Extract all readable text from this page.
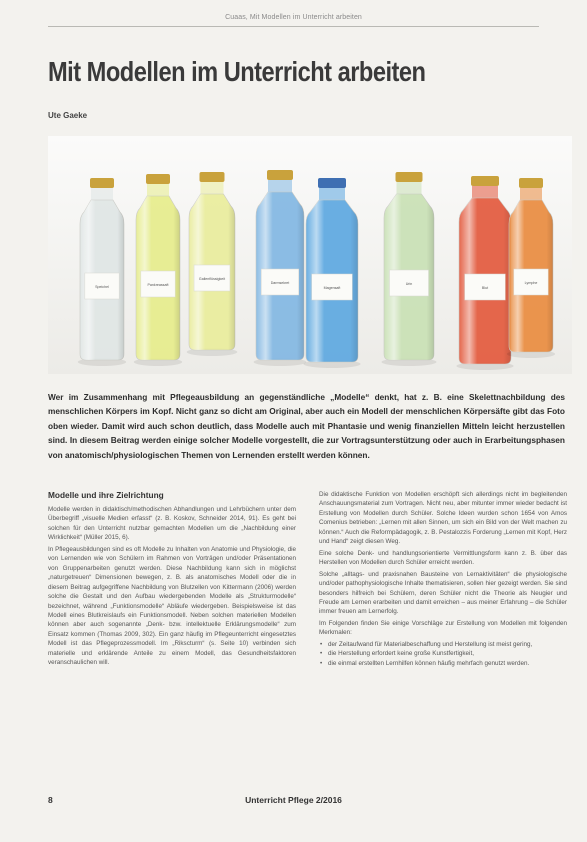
Cuaas, Mit Modellen im Unterricht arbeiten
Mit Modellen im Unterricht arbeiten
Ute Gaeke
Speichel	Pankreassaft
Gallenflüssigkeit
Darmsekret
Magensaft
Urin
Blut
Lymphe
Wer im Zusammenhang mit Pflegeausbildung an gegenständliche „Modelle“ denkt, hat z. B. eine Skelettnachbildung des menschlichen Körpers im Kopf. Nicht ganz so dicht am Original, aber auch ein Modell der menschlichen Körpersäfte gibt das Foto oben wieder. Damit wird auch schon deutlich, dass Modelle auch mit Phantasie und wenig finanziellen Mitteln leicht herzustellen sind. In diesem Beitrag werden einige solcher Modelle vorgestellt, die zur Vortragsunterstützung oder auch in Erarbeitungsphasen von anatomisch/physiologischen Themen von Lernenden erstellt werden können.
Modelle und ihre Zielrichtung

Modelle werden in didaktisch/methodischen Abhandlungen und Lehrbüchern unter dem Überbegriff „visuelle Medien erfasst“ (z. B. Koskov, Schneider 2014, 91). Es geht bei solchen für den Unterricht nutzbar gemachten Modellen um die „Nachbildung einer Wirklichkeit“ (Müller 2015, 6).

In Pflegeausbildungen sind es oft Modelle zu Inhalten von Anatomie und Physiologie, die von Lernenden wie von Schülern im Rahmen von Vorträgen und/oder Präsentationen von Gruppenarbeiten genutzt werden. Diese Nachbildung kann sich in möglichst „naturgetreuen“ Dimensionen bewegen, z. B. als anatomisches Modell oder die in diesem Beitrag aufgegriffene Nachbildung von Blutzellen von Kittermann (2006) werden solche die Gestalt und den Aufbau wiedergebenden Modelle als „Strukturmodelle“ bezeichnet, während „Funktionsmodelle“ Abläufe wiedergeben. Beispielsweise ist das Modell eines Blutkreislaufs ein Funktionsmodell. Neben solchen materiellen Modellen können aber auch sogenannte „Denk- bzw. intellektuelle Erklärungsmodelle“ zum Einsatz kommen (Thomas 2009, 302). Ein ganz häufig im Pflegeunterricht eingesetztes Modell ist das Pflegeprozessmodell. Im „Rikscturm“ (s. Seite 10) verbinden sich materielle und erklärende Anteile zu einem Modell, das Gesundheitsfaktoren veranschaulichen will.

Die didaktische Funktion von Modellen erschöpft sich allerdings nicht im begleitenden Anschauungsmaterial zum Vortragen. Nicht neu, aber mitunter immer wieder bedacht ist Erstellung von Modellen durch Schüler. Solche Ideen wurden schon 1654 von Amos Comenius betrieben: „Lernen mit allen Sinnen, um sich ein Bild von der Welt machen zu können.“ Auch die Reformpädagogik, z. B. Pestalozzis Forderung „Lernen mit Kopf, Herz und Hand“ zeigt diesen Weg.

Eine solche Denk- und handlungsorientierte Vermittlungsform kann z. B. über das Herstellen von Modellen durch Schüler erreicht werden.

Solche „alltags- und praxisnahen Bausteine von Lernaktivitäten“ die physiologische und/oder pathophysiologische Inhalte thematisieren, sollen hier gezeigt werden. Sie sind besonders hilfreich bei Schülern, deren Schüler nicht die Theorie als Neugier und Freude am Lernen erarbeiten und damit erreichen – aus meiner Erfahrung – die Schüler immer freuen am Lernerfolg.

Im Folgenden finden Sie einige Vorschläge zur Erstellung von Modellen mit folgenden Merkmalen:

• der Zeitaufwand für Materialbeschaffung und Herstellung ist meist gering,
• die Herstellung erfordert keine große Kunstfertigkeit,
• die einmal erstellten Lernhilfen können häufig mehrfach genutzt werden.
8	Unterricht Pflege 2/2016
